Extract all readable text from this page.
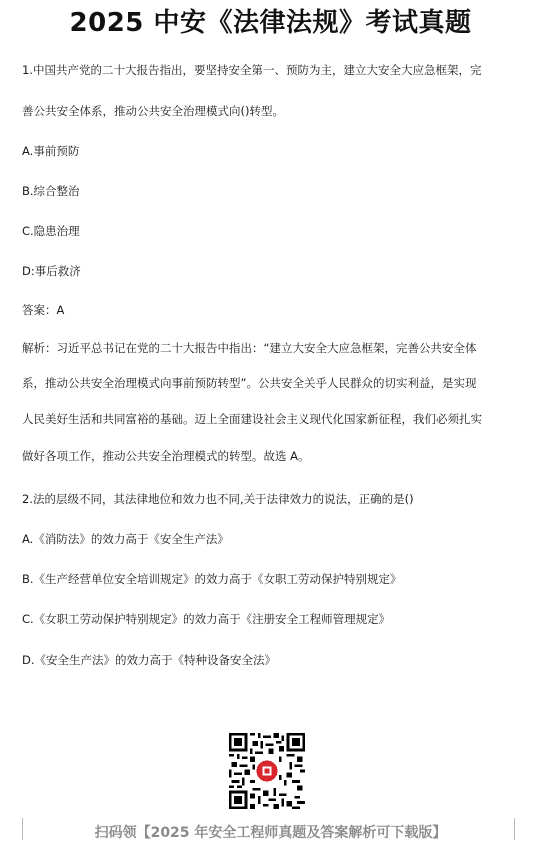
2025 中安《法律法规》考试真题
1.中国共产党的二十大报告指出，要坚持安全第一、预防为主，建立大安全大应急框架，完
善公共安全体系，推动公共安全治理模式向()转型。
A.事前预防
B.综合整治
C.隐患治理
D:事后救济
答案：A
解析：习近平总书记在党的二十大报告中指出：“建立大安全大应急框架，完善公共安全体
系，推动公共安全治理模式向事前预防转型”。公共安全关乎人民群众的切实利益，是实现
人民美好生活和共同富裕的基础。迈上全面建设社会主义现代化国家新征程，我们必须扎实
做好各项工作，推动公共安全治理模式的转型。故选 A。
2.法的层级不同，其法律地位和效力也不同,关于法律效力的说法，正确的是()
A.《消防法》的效力高于《安全生产法》
B.《生产经营单位安全培训规定》的效力高于《女职工劳动保护特别规定》
C.《女职工劳动保护特别规定》的效力高于《注册安全工程师管理规定》
D.《安全生产法》的效力高于《特种设备安全法》
扫码领【2025 年安全工程师真题及答案解析可下载版】
